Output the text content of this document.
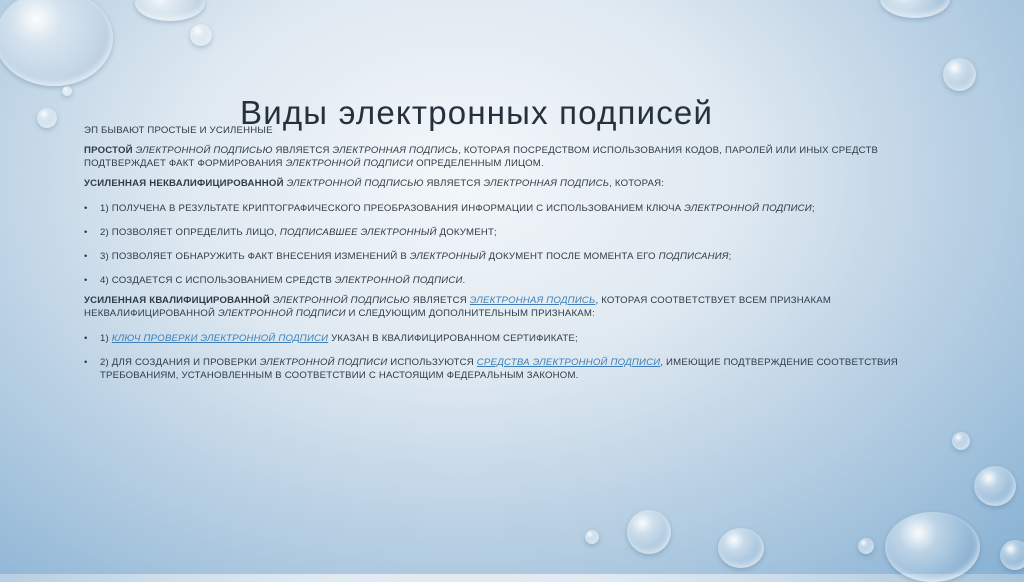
Виды электронных подписей

ЭП БЫВАЮТ ПРОСТЫЕ И УСИЛЕННЫЕ

ПРОСТОЙ ЭЛЕКТРОННОЙ ПОДПИСЬЮ ЯВЛЯЕТСЯ ЭЛЕКТРОННАЯ ПОДПИСЬ, КОТОРАЯ ПОСРЕДСТВОМ ИСПОЛЬЗОВАНИЯ КОДОВ, ПАРОЛЕЙ ИЛИ ИНЫХ СРЕДСТВ ПОДТВЕРЖДАЕТ ФАКТ ФОРМИРОВАНИЯ ЭЛЕКТРОННОЙ ПОДПИСИ ОПРЕДЕЛЕННЫМ ЛИЦОМ.

УСИЛЕННАЯ НЕКВАЛИФИЦИРОВАННОЙ ЭЛЕКТРОННОЙ ПОДПИСЬЮ ЯВЛЯЕТСЯ ЭЛЕКТРОННАЯ ПОДПИСЬ, КОТОРАЯ:

• 1) ПОЛУЧЕНА В РЕЗУЛЬТАТЕ КРИПТОГРАФИЧЕСКОГО ПРЕОБРАЗОВАНИЯ ИНФОРМАЦИИ С ИСПОЛЬЗОВАНИЕМ КЛЮЧА ЭЛЕКТРОННОЙ ПОДПИСИ;
• 2) ПОЗВОЛЯЕТ ОПРЕДЕЛИТЬ ЛИЦО, ПОДПИСАВШЕЕ ЭЛЕКТРОННЫЙ ДОКУМЕНТ;
• 3) ПОЗВОЛЯЕТ ОБНАРУЖИТЬ ФАКТ ВНЕСЕНИЯ ИЗМЕНЕНИЙ В ЭЛЕКТРОННЫЙ ДОКУМЕНТ ПОСЛЕ МОМЕНТА ЕГО ПОДПИСАНИЯ;
• 4) СОЗДАЕТСЯ С ИСПОЛЬЗОВАНИЕМ СРЕДСТВ ЭЛЕКТРОННОЙ ПОДПИСИ.

УСИЛЕННАЯ КВАЛИФИЦИРОВАННОЙ ЭЛЕКТРОННОЙ ПОДПИСЬЮ ЯВЛЯЕТСЯ ЭЛЕКТРОННАЯ ПОДПИСЬ, КОТОРАЯ СООТВЕТСТВУЕТ ВСЕМ ПРИЗНАКАМ НЕКВАЛИФИЦИРОВАННОЙ ЭЛЕКТРОННОЙ ПОДПИСИ И СЛЕДУЮЩИМ ДОПОЛНИТЕЛЬНЫМ ПРИЗНАКАМ:

• 1) КЛЮЧ ПРОВЕРКИ ЭЛЕКТРОННОЙ ПОДПИСИ УКАЗАН В КВАЛИФИЦИРОВАННОМ СЕРТИФИКАТЕ;
• 2) ДЛЯ СОЗДАНИЯ И ПРОВЕРКИ ЭЛЕКТРОННОЙ ПОДПИСИ ИСПОЛЬЗУЮТСЯ СРЕДСТВА ЭЛЕКТРОННОЙ ПОДПИСИ, ИМЕЮЩИЕ ПОДТВЕРЖДЕНИЕ СООТВЕТСТВИЯ ТРЕБОВАНИЯМ, УСТАНОВЛЕННЫМ В СООТВЕТСТВИИ С НАСТОЯЩИМ ФЕДЕРАЛЬНЫМ ЗАКОНОМ.
